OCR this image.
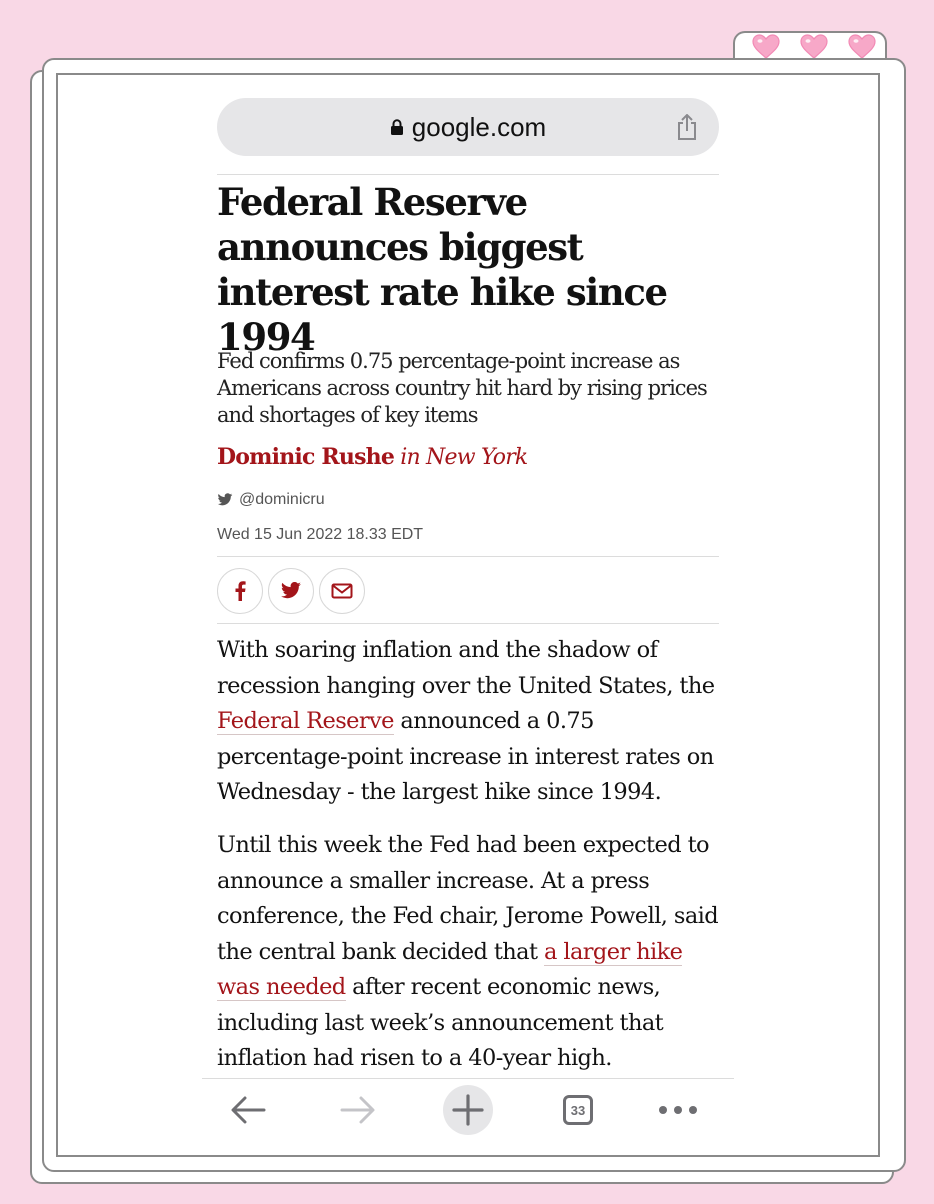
google.com
Federal Reserve announces biggest interest rate hike since 1994

Fed confirms 0.75 percentage-point increase as Americans across country hit hard by rising prices and shortages of key items

Dominic Rushe in New York
@dominicru
Wed 15 Jun 2022 18.33 EDT

With soaring inflation and the shadow of recession hanging over the United States, the Federal Reserve announced a 0.75 percentage-point increase in interest rates on Wednesday - the largest hike since 1994.

Until this week the Fed had been expected to announce a smaller increase. At a press conference, the Fed chair, Jerome Powell, said the central bank decided that a larger hike was needed after recent economic news, including last week’s announcement that inflation had risen to a 40-year high.

33
